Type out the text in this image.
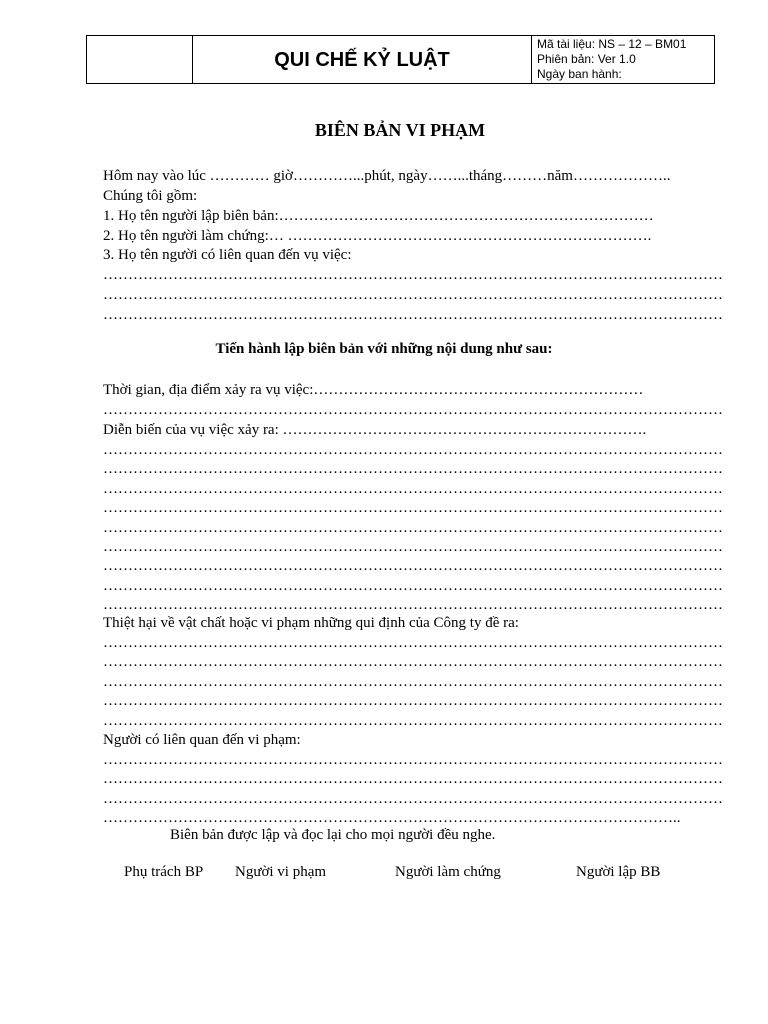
QUI CHẾ KỶ LUẬT
Mã tài liệu: NS – 12 – BM01
Phiên bản: Ver 1.0
Ngày ban hành:
BIÊN BẢN VI PHẠM
Hôm nay vào lúc ………… giờ…………...phút, ngày……...tháng………năm………………..
Chúng tôi gồm:
1. Họ tên người lập biên bản:…………………………………………………………………
2. Họ tên người làm chứng:… ……………………………………………………………….
3. Họ tên người có liên quan đến vụ việc:
…………………………………………………………………………………………………………………………………………………………
…………………………………………………………………………………………………………………………………………………………
…………………………………………………………………………………………………………………………………………………………
Tiến hành lập biên bản với những nội dung như sau:
Thời gian, địa điểm xảy ra vụ việc:…………………………………………………………
…………………………………………………………………………………………………………………………………………………………
Diễn biến của vụ việc xảy ra: ……………………………………………………………….
…………………………………………………………………………………………………………………………………………………………
…………………………………………………………………………………………………………………………………………………………
…………………………………………………………………………………………………………………………………………………………
…………………………………………………………………………………………………………………………………………………………
…………………………………………………………………………………………………………………………………………………………
…………………………………………………………………………………………………………………………………………………………
…………………………………………………………………………………………………………………………………………………………
…………………………………………………………………………………………………………………………………………………………
…………………………………………………………………………………………………………………………………………………………
Thiệt hại về vật chất hoặc vi phạm những qui định của Công ty đề ra:
…………………………………………………………………………………………………………………………………………………………
…………………………………………………………………………………………………………………………………………………………
…………………………………………………………………………………………………………………………………………………………
…………………………………………………………………………………………………………………………………………………………
…………………………………………………………………………………………………………………………………………………………
Người có liên quan đến vi phạm:
…………………………………………………………………………………………………………………………………………………………
…………………………………………………………………………………………………………………………………………………………
…………………………………………………………………………………………………………………………………………………………
……………………………………………………………………………………………………..
Biên bản được lập và đọc lại cho mọi người đều nghe.
Phụ trách BP Người vi phạm	Người làm chứng	Người lập BB
